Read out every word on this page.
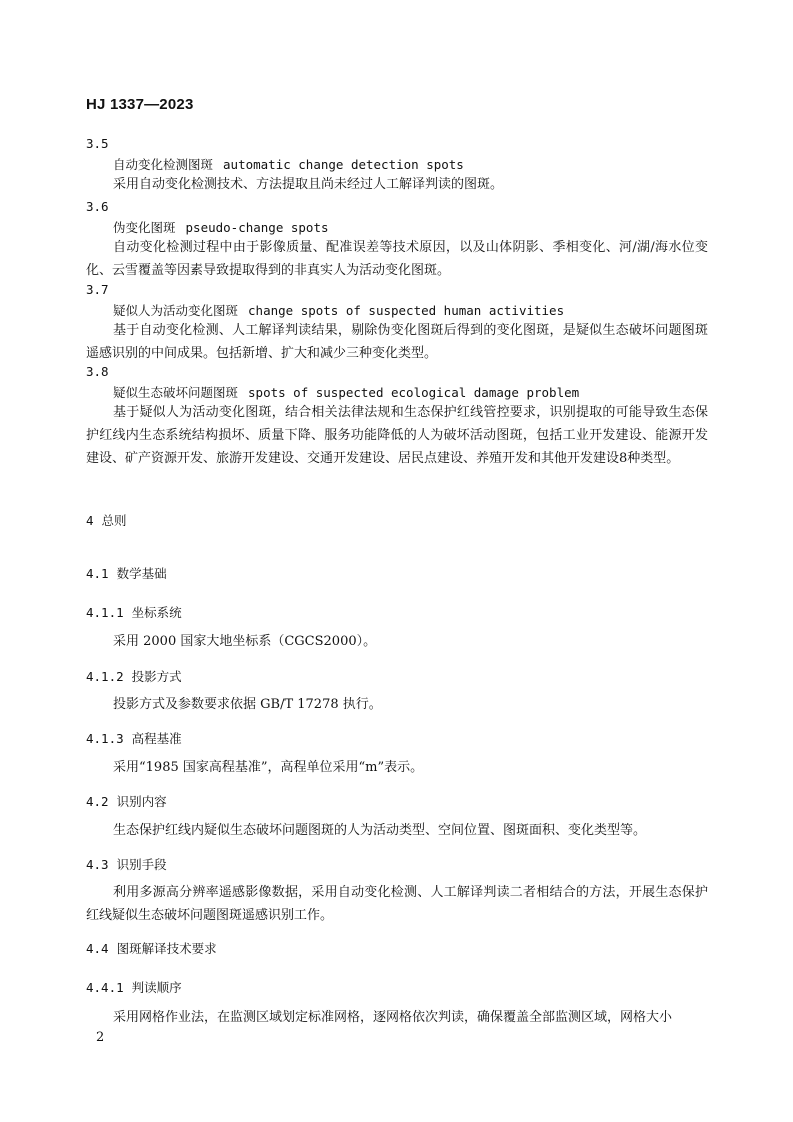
HJ 1337—2023
3.5
自动变化检测图斑 automatic change detection spots

采用自动变化检测技术、方法提取且尚未经过人工解译判读的图斑。

3.6
伪变化图斑 pseudo-change spots

自动变化检测过程中由于影像质量、配准误差等技术原因，以及山体阴影、季相变化、河/湖/海水位变化、云雪覆盖等因素导致提取得到的非真实人为活动变化图斑。

3.7
疑似人为活动变化图斑 change spots of suspected human activities

基于自动变化检测、人工解译判读结果，剔除伪变化图斑后得到的变化图斑，是疑似生态破坏问题图斑遥感识别的中间成果。包括新增、扩大和减少三种变化类型。

3.8
疑似生态破坏问题图斑 spots of suspected ecological damage problem

基于疑似人为活动变化图斑，结合相关法律法规和生态保护红线管控要求，识别提取的可能导致生态保护红线内生态系统结构损坏、质量下降、服务功能降低的人为破坏活动图斑，包括工业开发建设、能源开发建设、矿产资源开发、旅游开发建设、交通开发建设、居民点建设、养殖开发和其他开发建设8种类型。

4 总则
4.1 数学基础
4.1.1 坐标系统

采用 2000 国家大地坐标系（CGCS2000）。

4.1.2 投影方式

投影方式及参数要求依据 GB/T 17278 执行。

4.1.3 高程基准

采用“1985 国家高程基准”，高程单位采用“m”表示。

4.2 识别内容

生态保护红线内疑似生态破坏问题图斑的人为活动类型、空间位置、图斑面积、变化类型等。

4.3 识别手段

利用多源高分辨率遥感影像数据，采用自动变化检测、人工解译判读二者相结合的方法，开展生态保护红线疑似生态破坏问题图斑遥感识别工作。

4.4 图斑解译技术要求
4.4.1 判读顺序

采用网格作业法，在监测区域划定标准网格，逐网格依次判读，确保覆盖全部监测区域，网格大小

2
